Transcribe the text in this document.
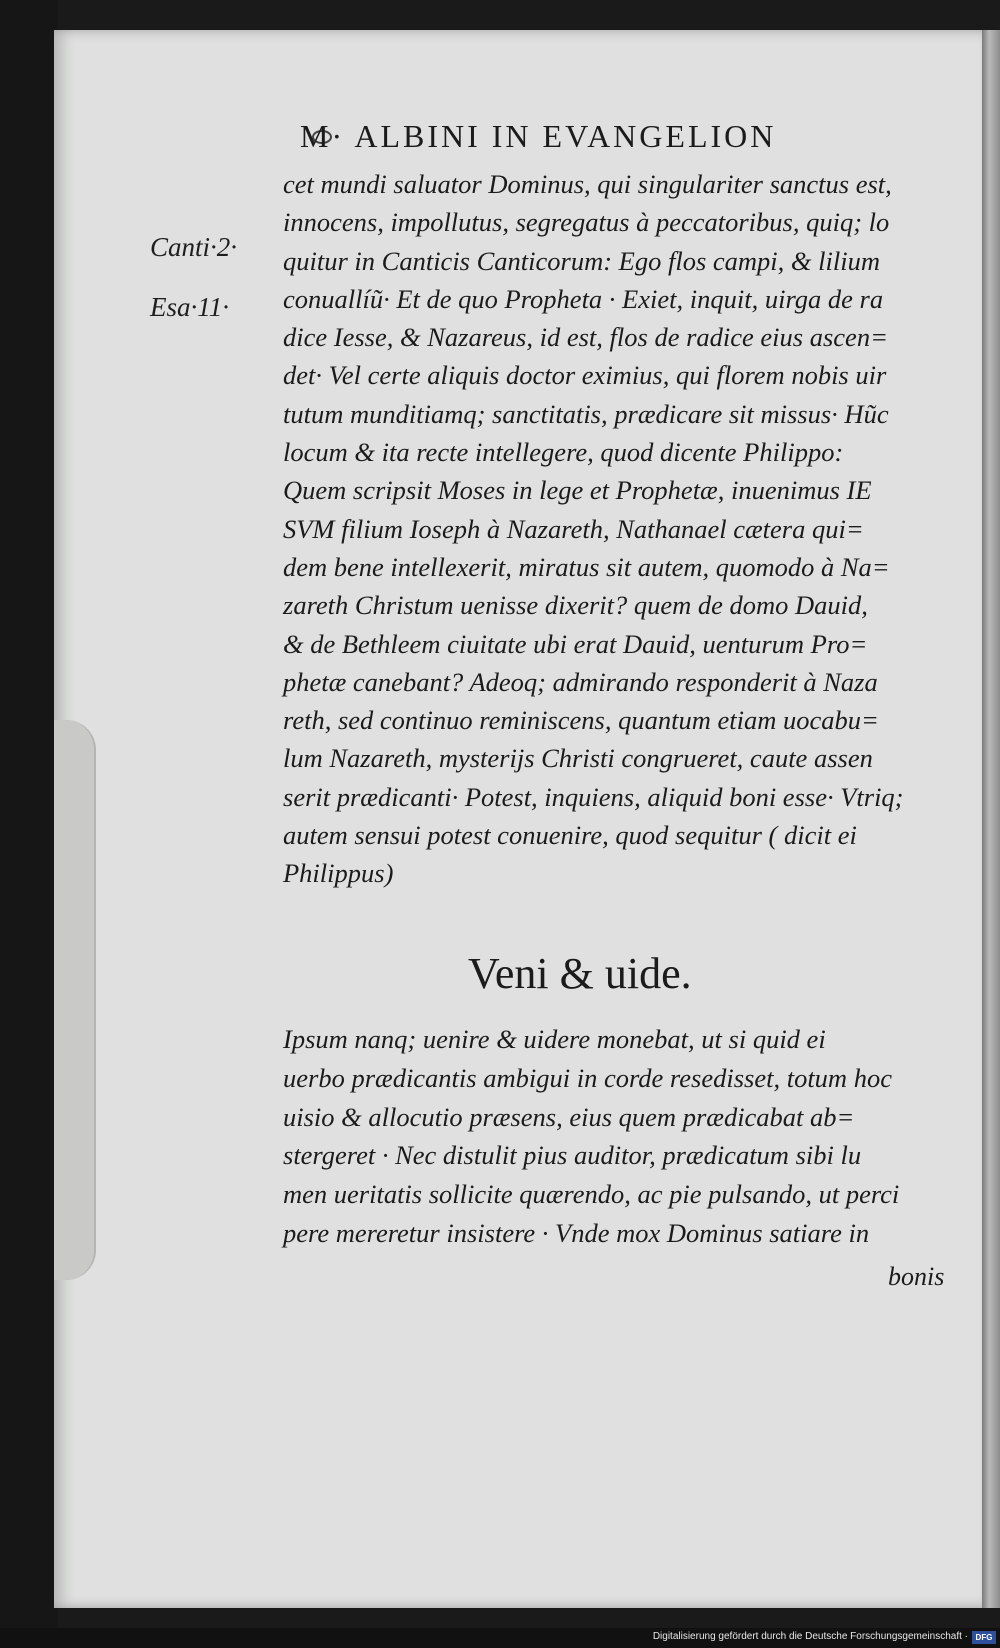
M· ALBINI IN EVANGELION
Canti·2·
Esa·11·
cet mundi saluator Dominus, qui singulariter sanctus est,
innocens, impollutus, segregatus à peccatoribus, quiq; lo
quitur in Canticis Canticorum: Ego flos campi, & lilium
conuallíũ· Et de quo Propheta · Exiet, inquit, uirga de ra
dice Iesse, & Nazareus, id est, flos de radice eius ascen=
det· Vel certe aliquis doctor eximius, qui florem nobis uir
tutum munditiamq; sanctitatis, prædicare sit missus· Hũc
locum & ita recte intellegere, quod dicente Philippo:
Quem scripsit Moses in lege et Prophetæ, inuenimus IE
SVM filium Ioseph à Nazareth, Nathanael cætera qui=
dem bene intellexerit, miratus sit autem, quomodo à Na=
zareth Christum uenisse dixerit? quem de domo Dauid,
& de Bethleem ciuitate ubi erat Dauid, uenturum Pro=
phetæ canebant? Adeoq; admirando responderit à Naza
reth, sed continuo reminiscens, quantum etiam uocabu=
lum Nazareth, mysterijs Christi congrueret, caute assen
serit prædicanti· Potest, inquiens, aliquid boni esse· Vtriq;
autem sensui potest conuenire, quod sequitur ( dicit ei
Philippus)
Veni & uide.
Ipsum nanq; uenire & uidere monebat, ut si quid ei
uerbo prædicantis ambigui in corde resedisset, totum hoc
uisio & allocutio præsens, eius quem prædicabat ab=
stergeret · Nec distulit pius auditor, prædicatum sibi lu
men ueritatis sollicite quærendo, ac pie pulsando, ut perci
pere mereretur insistere · Vnde mox Dominus satiare in
bonis
Digitalisierung gefördert durch die Deutsche Forschungsgemeinschaft · DFG
